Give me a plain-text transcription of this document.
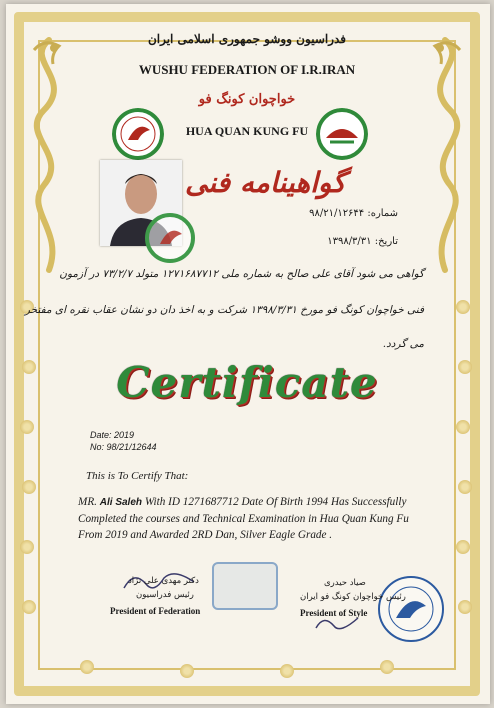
فدراسیون ووشو جمهوری اسلامی ایران
WUSHU FEDERATION OF I.R.IRAN
خواچوان کونگ فو
HUA QUAN KUNG FU
گواهینامه فنی
شماره: ۹۸/۲۱/۱۲۶۴۴
تاریخ: ۱۳۹۸/۳/۳۱
گواهی می شود آقای علی صالح به شماره ملی ۱۲۷۱۶۸۷۷۱۲ متولد ۷۳/۲/۷ در آزمون
فنی خواچوان کونگ فو مورخ ۱۳۹۸/۳/۳۱ شرکت و به اخذ دان دو نشان عقاب نقره ای مفتخر
می گردد.
Certificate
Date: 2019
No: 98/21/12644
This is To Certify That:
MR. Ali Saleh With ID 1271687712 Date Of Birth 1994 Has Successfully Completed the courses and Technical Examination in Hua Quan Kung Fu From 2019 and Awarded 2RD Dan, Silver Eagle Grade .
دکتر مهدی علی نژاد
رئیس فدراسیون
President of Federation
صیاد حیدری
رئیس خواچوان کونگ فو ایران
President of Style
